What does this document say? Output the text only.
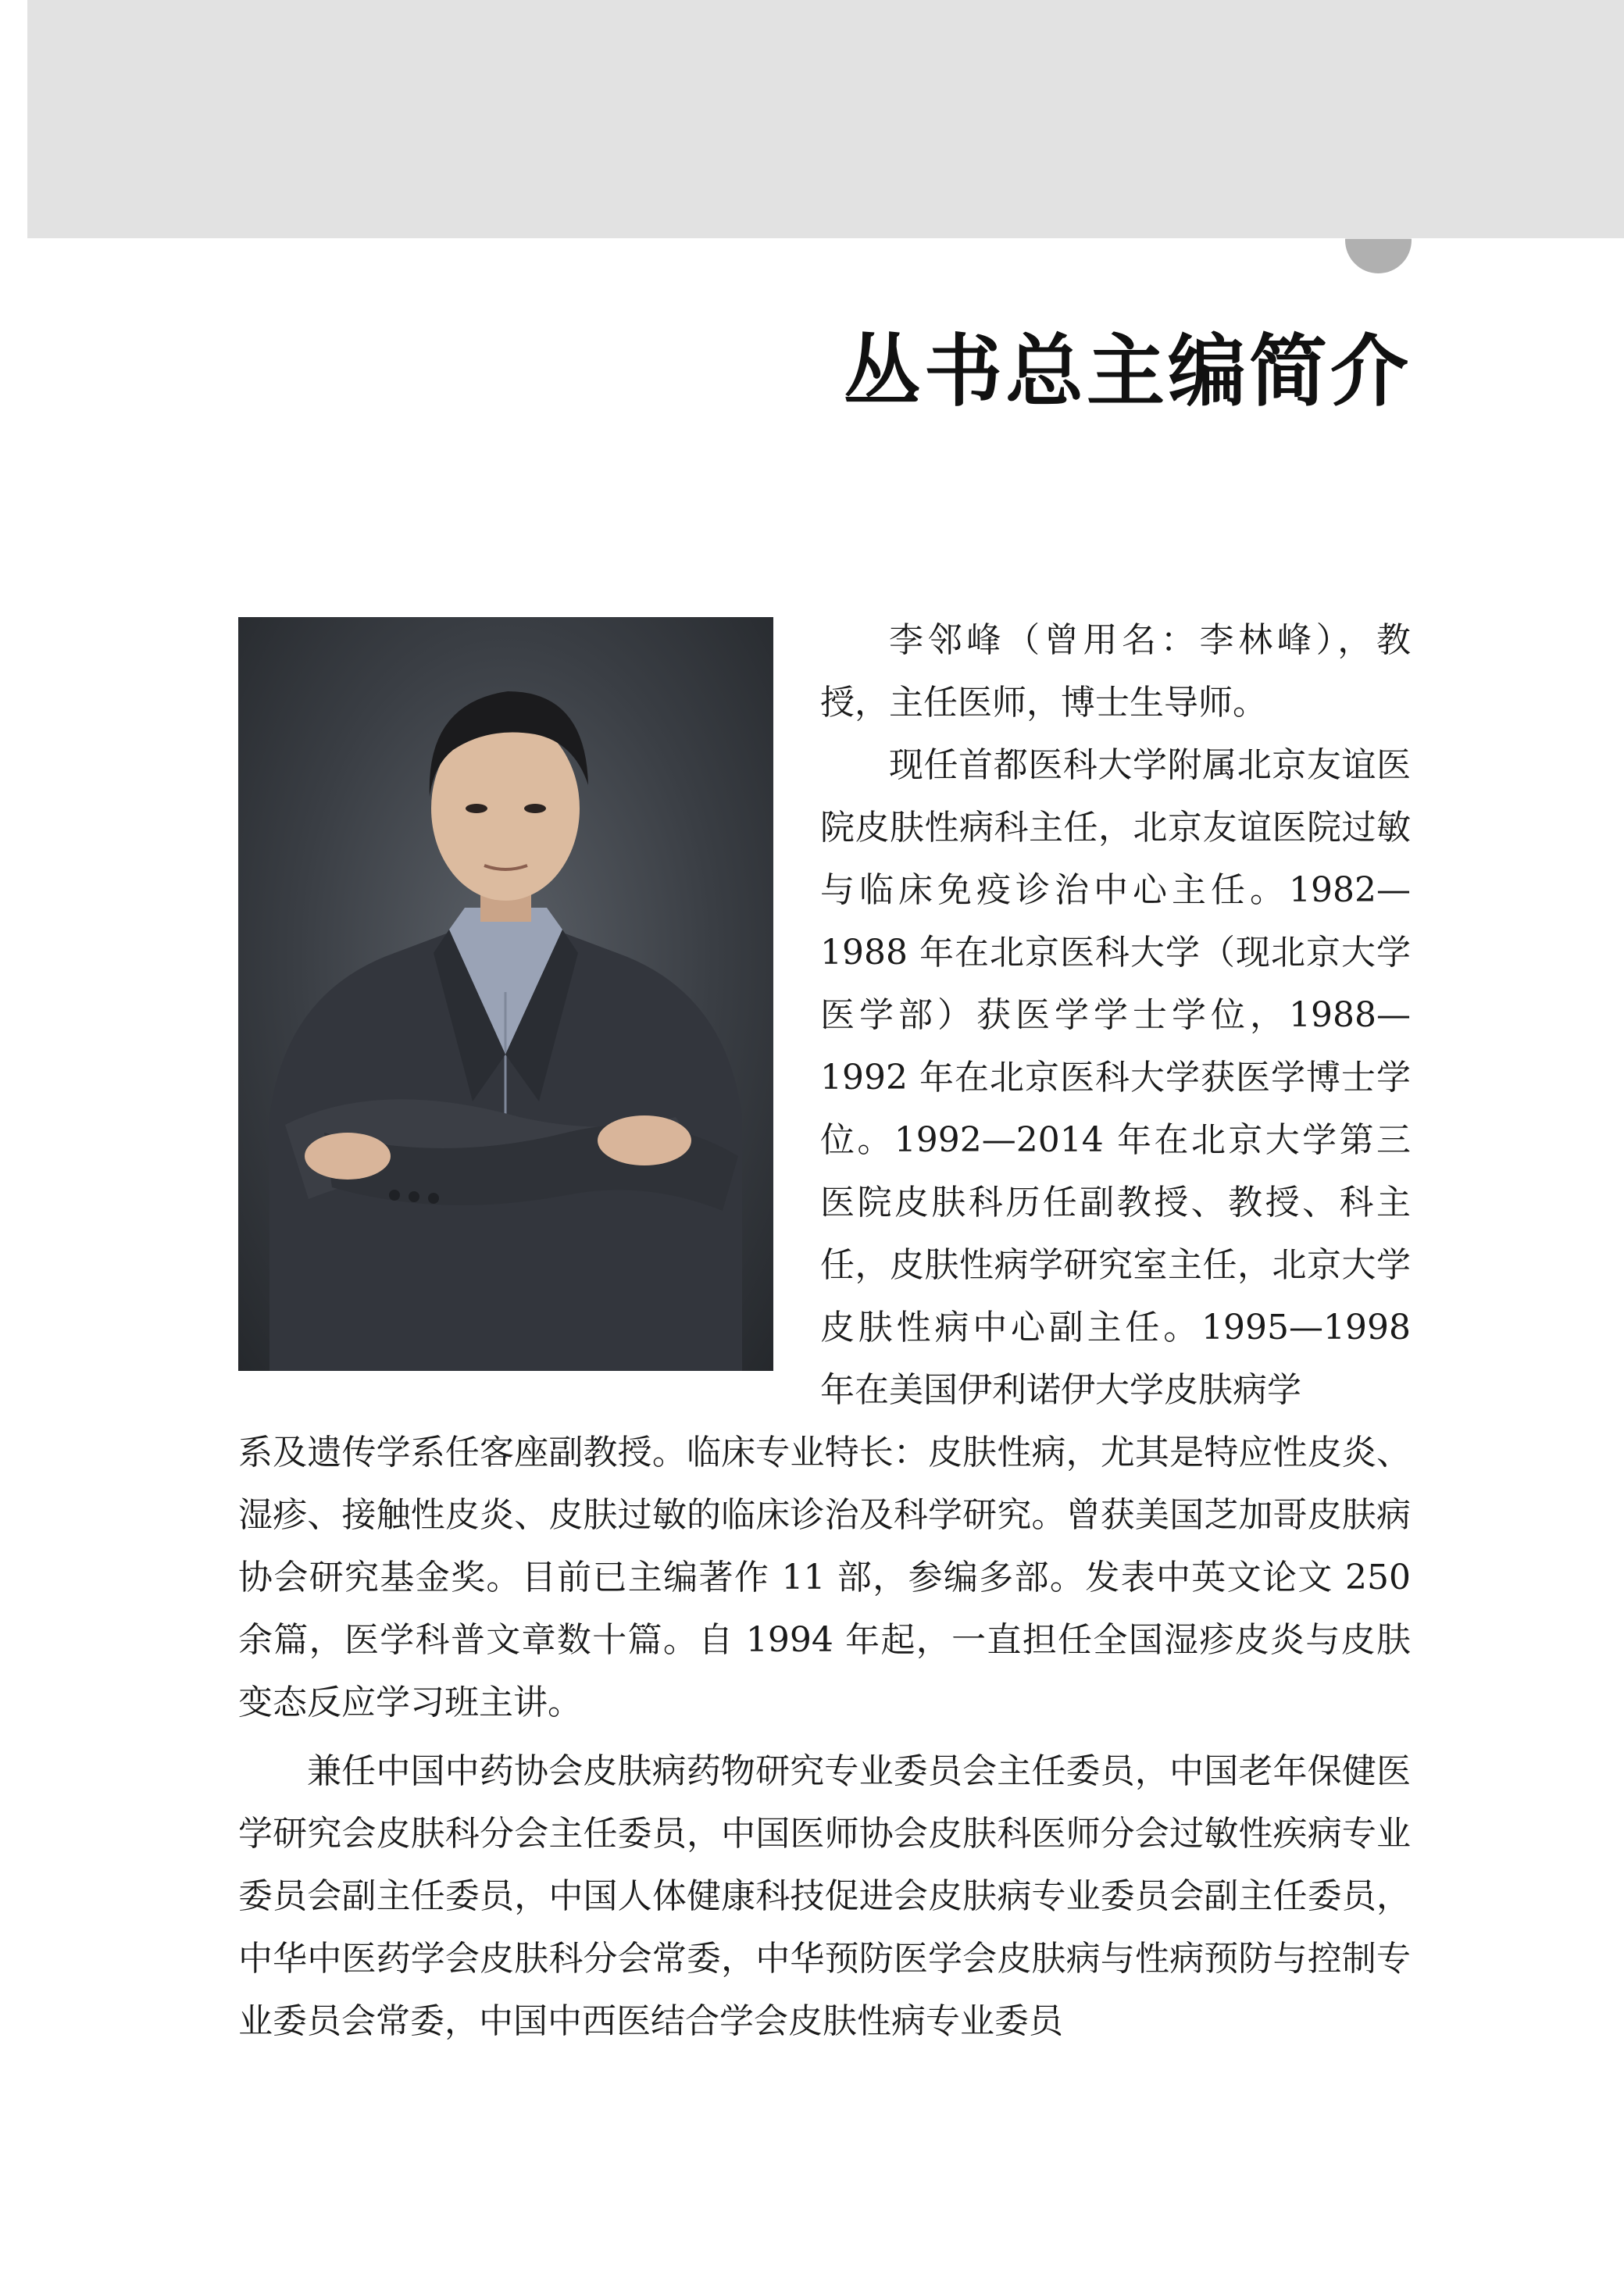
丛书总主编简介

李邻峰（曾用名：李林峰），教授，主任医师，博士生导师。

现任首都医科大学附属北京友谊医院皮肤性病科主任，北京友谊医院过敏与临床免疫诊治中心主任。1982—1988 年在北京医科大学（现北京大学医学部）获医学学士学位，1988—1992 年在北京医科大学获医学博士学位。1992—2014 年在北京大学第三医院皮肤科历任副教授、教授、科主任，皮肤性病学研究室主任，北京大学皮肤性病中心副主任。1995—1998 年在美国伊利诺伊大学皮肤病学

系及遗传学系任客座副教授。临床专业特长：皮肤性病，尤其是特应性皮炎、湿疹、接触性皮炎、皮肤过敏的临床诊治及科学研究。曾获美国芝加哥皮肤病协会研究基金奖。目前已主编著作 11 部，参编多部。发表中英文论文 250 余篇，医学科普文章数十篇。自 1994 年起，一直担任全国湿疹皮炎与皮肤变态反应学习班主讲。

兼任中国中药协会皮肤病药物研究专业委员会主任委员，中国老年保健医学研究会皮肤科分会主任委员，中国医师协会皮肤科医师分会过敏性疾病专业委员会副主任委员，中国人体健康科技促进会皮肤病专业委员会副主任委员，中华中医药学会皮肤科分会常委，中华预防医学会皮肤病与性病预防与控制专业委员会常委，中国中西医结合学会皮肤性病专业委员
